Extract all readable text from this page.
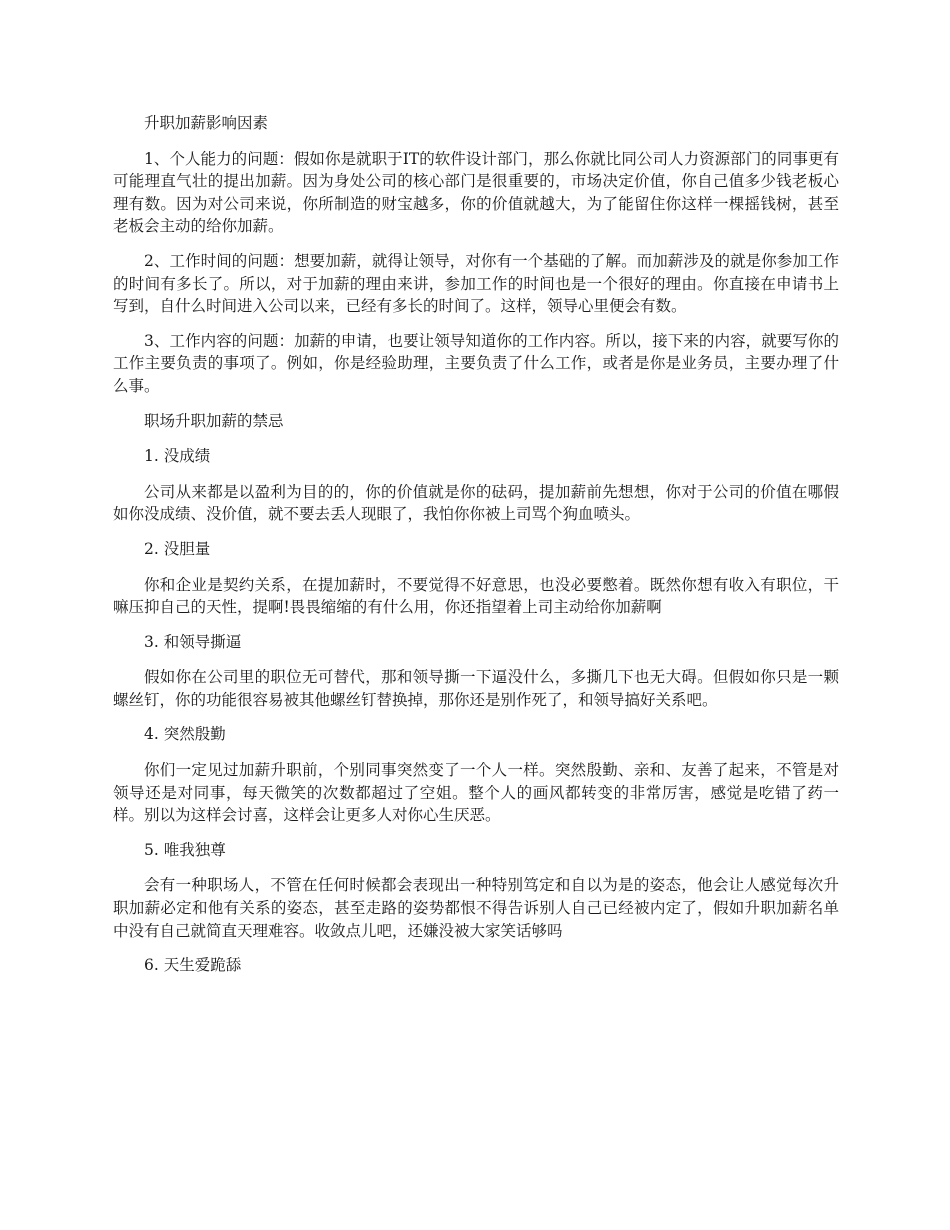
升职加薪影响因素

1、个人能力的问题：假如你是就职于IT的软件设计部门，那么你就比同公司人力资源部门的同事更有可能理直气壮的提出加薪。因为身处公司的核心部门是很重要的，市场决定价值，你自己值多少钱老板心理有数。因为对公司来说，你所制造的财宝越多，你的价值就越大，为了能留住你这样一棵摇钱树，甚至老板会主动的给你加薪。

2、工作时间的问题：想要加薪，就得让领导，对你有一个基础的了解。而加薪涉及的就是你参加工作的时间有多长了。所以，对于加薪的理由来讲，参加工作的时间也是一个很好的理由。你直接在申请书上写到，自什么时间进入公司以来，已经有多长的时间了。这样，领导心里便会有数。

3、工作内容的问题：加薪的申请，也要让领导知道你的工作内容。所以，接下来的内容，就要写你的工作主要负责的事项了。例如，你是经验助理，主要负责了什么工作，或者是你是业务员，主要办理了什么事。

职场升职加薪的禁忌

1. 没成绩

公司从来都是以盈利为目的的，你的价值就是你的砝码，提加薪前先想想，你对于公司的价值在哪假如你没成绩、没价值，就不要去丢人现眼了，我怕你你被上司骂个狗血喷头。

2. 没胆量

你和企业是契约关系，在提加薪时，不要觉得不好意思，也没必要憋着。既然你想有收入有职位，干嘛压抑自己的天性，提啊!畏畏缩缩的有什么用，你还指望着上司主动给你加薪啊

3. 和领导撕逼

假如你在公司里的职位无可替代，那和领导撕一下逼没什么，多撕几下也无大碍。但假如你只是一颗螺丝钉，你的功能很容易被其他螺丝钉替换掉，那你还是别作死了，和领导搞好关系吧。

4. 突然殷勤

你们一定见过加薪升职前，个别同事突然变了一个人一样。突然殷勤、亲和、友善了起来，不管是对领导还是对同事，每天微笑的次数都超过了空姐。整个人的画风都转变的非常厉害，感觉是吃错了药一样。别以为这样会讨喜，这样会让更多人对你心生厌恶。

5. 唯我独尊

会有一种职场人，不管在任何时候都会表现出一种特别笃定和自以为是的姿态，他会让人感觉每次升职加薪必定和他有关系的姿态，甚至走路的姿势都恨不得告诉别人自己已经被内定了，假如升职加薪名单中没有自己就简直天理难容。收敛点儿吧，还嫌没被大家笑话够吗

6. 天生爱跪舔
